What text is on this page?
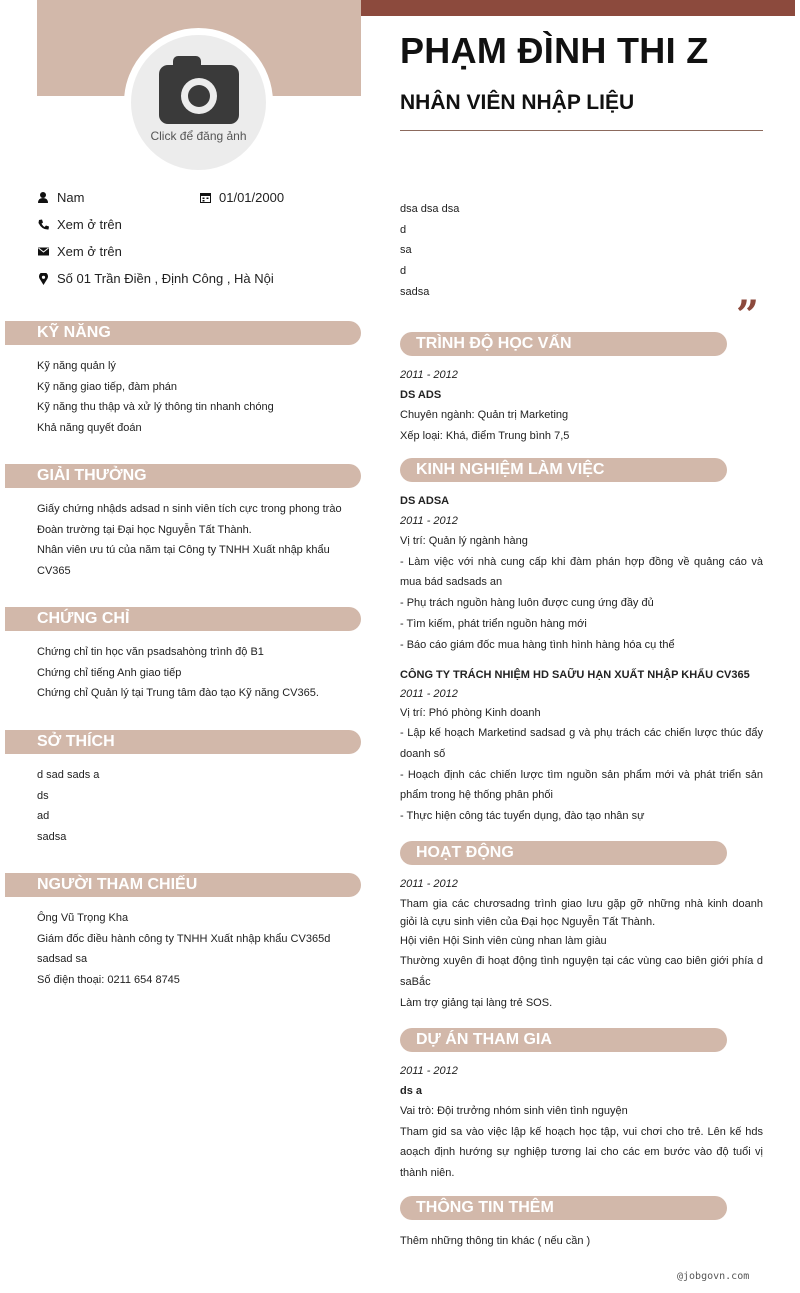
Click để đăng ảnh
PHẠM ĐÌNH THI Z
NHÂN VIÊN NHẬP LIỆU
Nam	01/01/2000
Xem ở trên
Xem ở trên
Số 01 Trần Điền , Định Công , Hà Nội
KỸ NĂNG
Kỹ năng quản lý
Kỹ năng giao tiếp, đàm phán
Kỹ năng thu thập và xử lý thông tin nhanh chóng
Khả năng quyết đoán
GIẢI THƯỞNG
Giấy chứng nhậds adsad n sinh viên tích cực trong phong trào
Đoàn trường tại Đại học Nguyễn Tất Thành.
Nhân viên ưu tú của năm tại Công ty TNHH Xuất nhập khẩu
CV365
CHỨNG CHỈ
Chứng chỉ tin học văn psadsahòng trình độ B1
Chứng chỉ tiếng Anh giao tiếp
Chứng chỉ Quản lý tại Trung tâm đào tạo Kỹ năng CV365.
SỞ THÍCH
d sad sads a
ds
ad
sadsa
NGƯỜI THAM CHIẾU
Ông Vũ Trọng Kha
Giám đốc điều hành công ty TNHH Xuất nhập khẩu CV365d
sadsad sa
Số điện thoại: 0211 654 8745
dsa dsa dsa
d
sa
d
sadsa
”
TRÌNH ĐỘ HỌC VẤN
2011 - 2012
DS ADS
Chuyên ngành: Quản trị Marketing
Xếp loại: Khá, điểm Trung bình 7,5
KINH NGHIỆM LÀM VIỆC
DS ADSA
2011 - 2012
Vị trí: Quản lý ngành hàng
- Làm việc với nhà cung cấp khi đàm phán hợp đồng về quảng cáo và mua bád sadsads an
- Phụ trách nguồn hàng luôn được cung ứng đầy đủ
- Tìm kiếm, phát triển nguồn hàng mới
- Báo cáo giám đốc mua hàng tình hình hàng hóa cụ thể
CÔNG TY TRÁCH NHIỆM HD SAỮU HẠN XUẤT NHẬP KHẨU CV365
2011 - 2012
Vị trí: Phó phòng Kinh doanh
- Lập kế hoạch Marketind sadsad g và phụ trách các chiến lược thúc đẩy doanh số
- Hoạch định các chiến lược tìm nguồn sản phẩm mới và phát triển sản phẩm trong hệ thống phân phối
- Thực hiện công tác tuyển dụng, đào tạo nhân sự
HOẠT ĐỘNG
2011 - 2012
Tham gia các chươsadng trình giao lưu gặp gỡ những nhà kinh doanh giỏi là cựu sinh viên của Đại học Nguyễn Tất Thành.
Hội viên Hội Sinh viên cùng nhan làm giàu
Thường xuyên đi hoạt động tình nguyện tại các vùng cao biên giới phía d saBắc
Làm trợ giảng tại làng trẻ SOS.
DỰ ÁN THAM GIA
2011 - 2012
ds a
Vai trò: Đội trưởng nhóm sinh viên tình nguyện
Tham gid sa vào việc lập kế hoạch học tập, vui chơi cho trẻ. Lên kế hds aoạch định hướng sự nghiệp tương lai cho các em bước vào độ tuổi vị thành niên.
THÔNG TIN THÊM
Thêm những thông tin khác ( nếu cần )
@jobgovn.com
